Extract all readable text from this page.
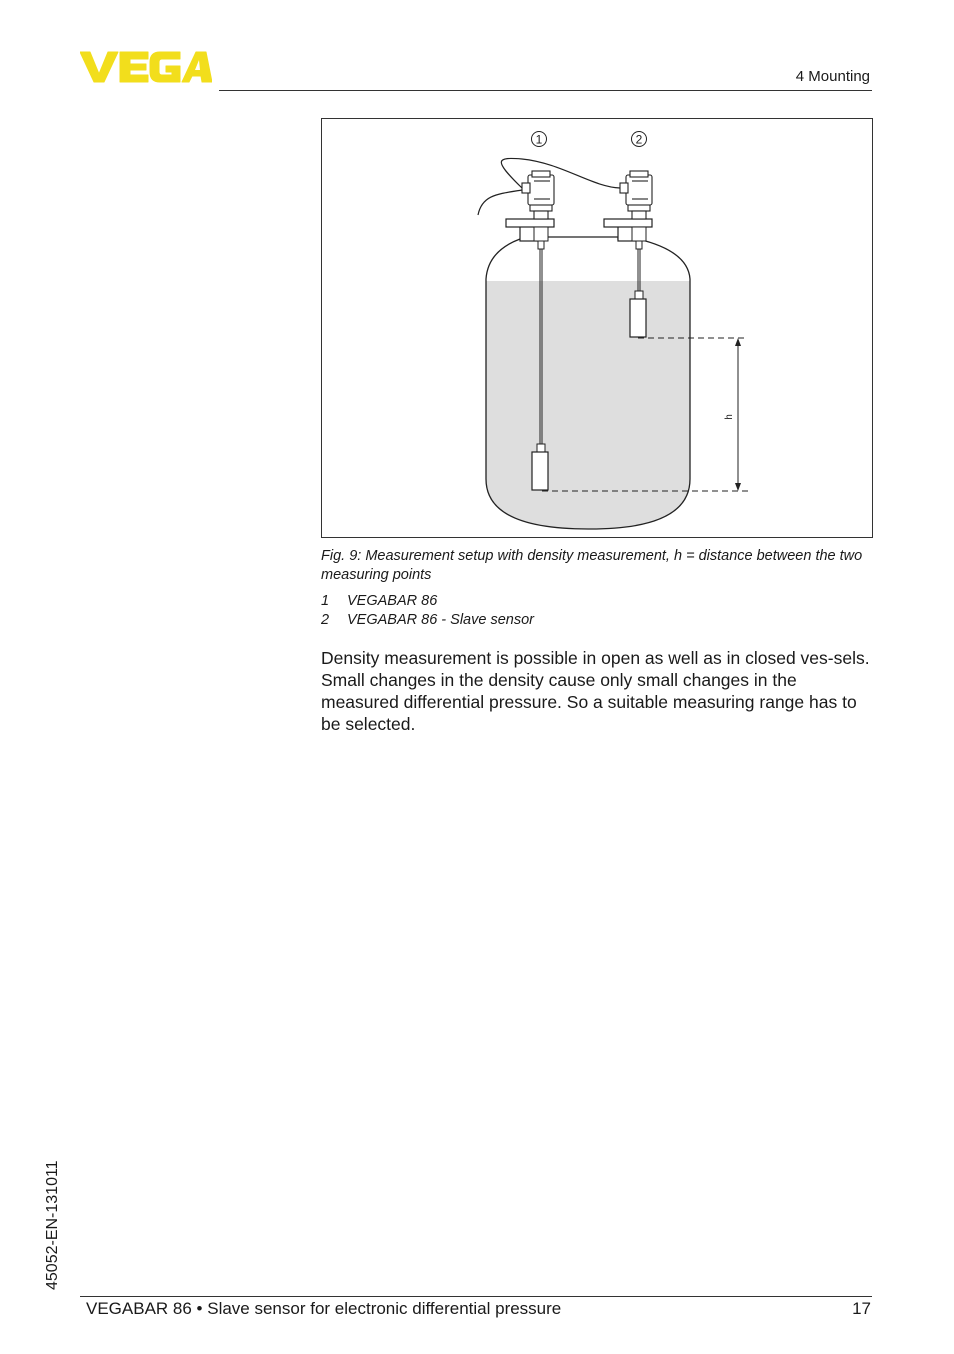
4 Mounting
h
1	2
Fig. 9: Measurement setup with density measurement, h = distance between the two measuring points
1	VEGABAR 86
2	VEGABAR 86 - Slave sensor
Density measurement is possible in open as well as in closed ves-sels. Small changes in the density cause only small changes in the measured differential pressure. So a suitable measuring range has to be selected.
45052-EN-131011
VEGABAR 86 • Slave sensor for electronic differential pressure	17
